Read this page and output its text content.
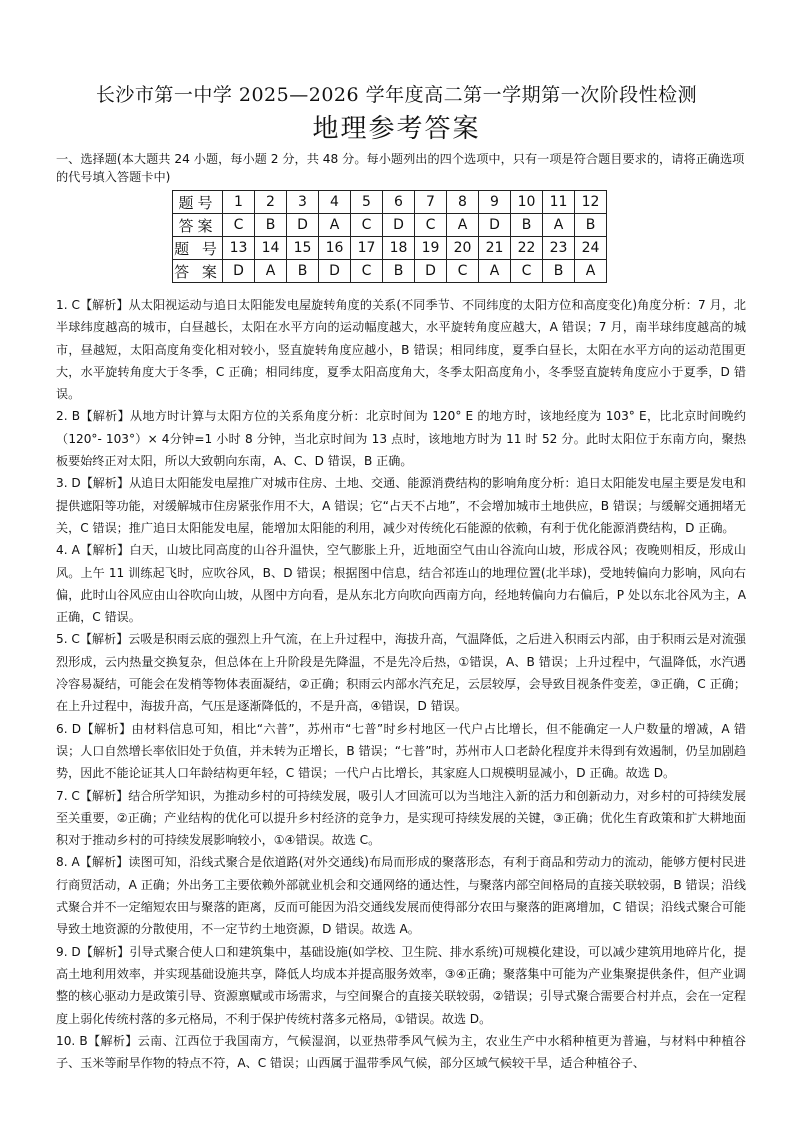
长沙市第一中学 2025—2026 学年度高二第一学期第一次阶段性检测
地理参考答案
一、选择题(本大题共 24 小题，每小题 2 分，共 48 分。每小题列出的四个选项中，只有一项是符合题目要求的，请将正确选项的代号填入答题卡中)
题号	1	2	3	4	5	6	7	8	9	10	11	12
答案	C	B	D	A	C	D	C	A	D	B	A	B
题 号	13	14	15	16	17	18	19	20	21	22	23	24
答 案	D	A	B	D	C	B	D	C	A	C	B	A

1. C【解析】从太阳视运动与追日太阳能发电屋旋转角度的关系(不同季节、不同纬度的太阳方位和高度变化)角度分析：7 月，北半球纬度越高的城市，白昼越长，太阳在水平方向的运动幅度越大，水平旋转角度应越大，A 错误；7 月，南半球纬度越高的城市，昼越短，太阳高度角变化相对较小，竖直旋转角度应越小，B 错误；相同纬度，夏季白昼长，太阳在水平方向的运动范围更大，水平旋转角度大于冬季，C 正确；相同纬度，夏季太阳高度角大，冬季太阳高度角小，冬季竖直旋转角度应小于夏季，D 错误。

2. B【解析】从地方时计算与太阳方位的关系角度分析：北京时间为 120° E 的地方时，该地经度为 103° E，比北京时间晚约（120°- 103°）× 4分钟=1 小时 8 分钟，当北京时间为 13 点时，该地地方时为 11 时 52 分。此时太阳位于东南方向，聚热板要始终正对太阳，所以大致朝向东南，A、C、D 错误，B 正确。

3. D【解析】从追日太阳能发电屋推广对城市住房、土地、交通、能源消费结构的影响角度分析：追日太阳能发电屋主要是发电和提供遮阳等功能，对缓解城市住房紧张作用不大，A 错误；它“占天不占地”，不会增加城市土地供应，B 错误；与缓解交通拥堵无关，C 错误；推广追日太阳能发电屋，能增加太阳能的利用，减少对传统化石能源的依赖，有利于优化能源消费结构，D 正确。

4. A【解析】白天，山坡比同高度的山谷升温快，空气膨胀上升，近地面空气由山谷流向山坡，形成谷风；夜晚则相反，形成山风。上午 11 训练起飞时，应吹谷风，B、D 错误；根据图中信息，结合祁连山的地理位置(北半球)，受地转偏向力影响，风向右偏，此时山谷风应由山谷吹向山坡，从图中方向看，是从东北方向吹向西南方向，经地转偏向力右偏后，P 处以东北谷风为主，A 正确，C 错误。

5. C【解析】云吸是积雨云底的强烈上升气流，在上升过程中，海拔升高，气温降低，之后进入积雨云内部，由于积雨云是对流强烈形成，云内热量交换复杂，但总体在上升阶段是先降温，不是先冷后热，①错误，A、B 错误；上升过程中，气温降低，水汽遇冷容易凝结，可能会在发梢等物体表面凝结，②正确；积雨云内部水汽充足，云层较厚，会导致目视条件变差，③正确，C 正确；在上升过程中，海拔升高，气压是逐渐降低的，不是升高，④错误，D 错误。

6. D【解析】由材料信息可知，相比“六普”，苏州市“七普”时乡村地区一代户占比增长，但不能确定一人户数量的增减，A 错误；人口自然增长率依旧处于负值，并未转为正增长，B 错误；“七普”时，苏州市人口老龄化程度并未得到有效遏制，仍呈加剧趋势，因此不能论证其人口年龄结构更年轻，C 错误；一代户占比增长，其家庭人口规模明显减小，D 正确。故选 D。

7. C【解析】结合所学知识，为推动乡村的可持续发展，吸引人才回流可以为当地注入新的活力和创新动力，对乡村的可持续发展至关重要，②正确；产业结构的优化可以提升乡村经济的竞争力，是实现可持续发展的关键，③正确；优化生育政策和扩大耕地面积对于推动乡村的可持续发展影响较小，①④错误。故选 C。

8. A【解析】读图可知，沿线式聚合是依道路(对外交通线)布局而形成的聚落形态，有利于商品和劳动力的流动，能够方便村民进行商贸活动，A 正确；外出务工主要依赖外部就业机会和交通网络的通达性，与聚落内部空间格局的直接关联较弱，B 错误；沿线式聚合并不一定缩短农田与聚落的距离，反而可能因为沿交通线发展而使得部分农田与聚落的距离增加，C 错误；沿线式聚合可能导致土地资源的分散使用，不一定节约土地资源，D 错误。故选 A。

9. D【解析】引导式聚合使人口和建筑集中，基础设施(如学校、卫生院、排水系统)可规模化建设，可以减少建筑用地碎片化，提高土地利用效率，并实现基础设施共享，降低人均成本并提高服务效率，③④正确；聚落集中可能为产业集聚提供条件，但产业调整的核心驱动力是政策引导、资源禀赋或市场需求，与空间聚合的直接关联较弱，②错误；引导式聚合需要合村并点，会在一定程度上弱化传统村落的多元格局，不利于保护传统村落多元格局，①错误。故选 D。

10. B【解析】云南、江西位于我国南方，气候湿润，以亚热带季风气候为主，农业生产中水稻种植更为普遍，与材料中种植谷子、玉米等耐旱作物的特点不符，A、C 错误；山西属于温带季风气候，部分区域气候较干旱，适合种植谷子、
